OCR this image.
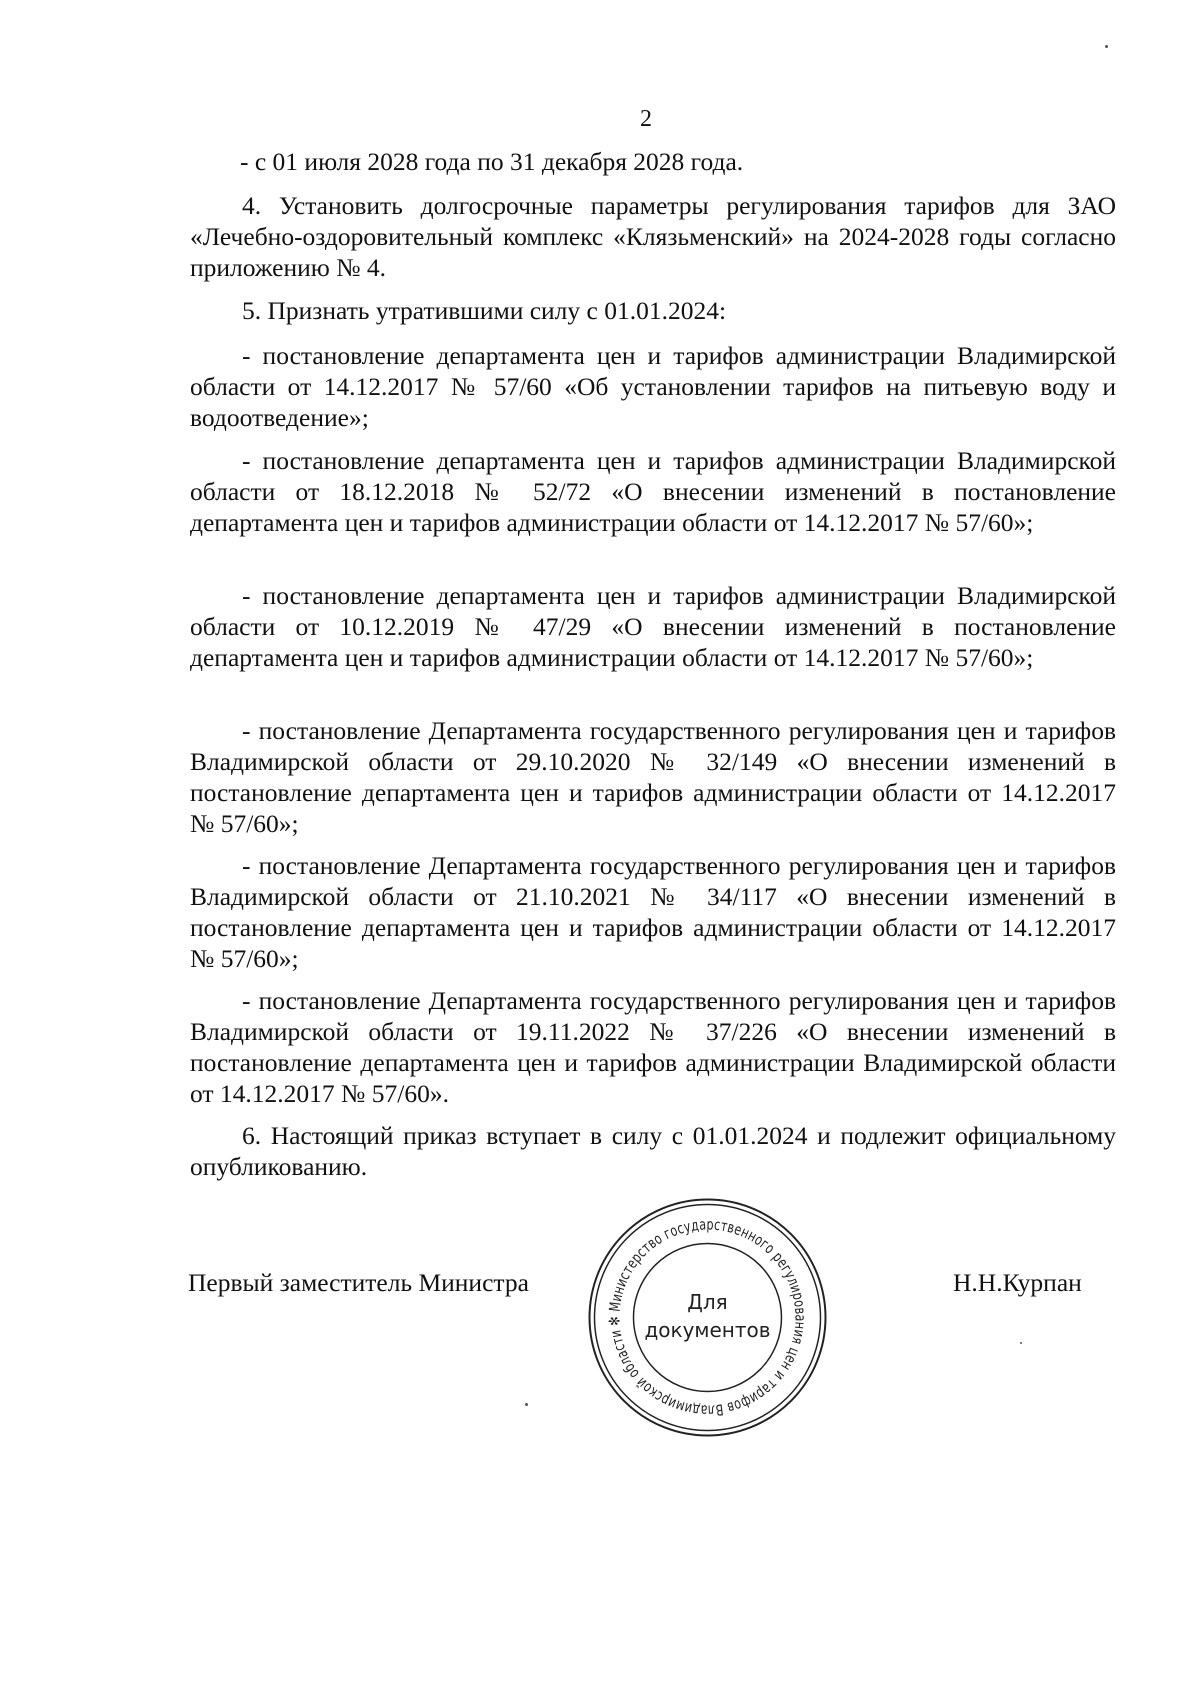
2

- с 01 июля 2028 года по 31 декабря 2028 года.

4. Установить долгосрочные параметры регулирования тарифов для ЗАО «Лечебно-оздоровительный комплекс «Клязьменский» на 2024-2028 годы согласно приложению № 4.

5. Признать утратившими силу с 01.01.2024:

- постановление департамента цен и тарифов администрации Владимирской области от 14.12.2017 № 57/60 «Об установлении тарифов на питьевую воду и водоотведение»;

- постановление департамента цен и тарифов администрации Владимирской области от 18.12.2018 № 52/72 «О внесении изменений в постановление департамента цен и тарифов администрации области от 14.12.2017 № 57/60»;

- постановление департамента цен и тарифов администрации Владимирской области от 10.12.2019 № 47/29 «О внесении изменений в постановление департамента цен и тарифов администрации области от 14.12.2017 № 57/60»;

- постановление Департамента государственного регулирования цен и тарифов Владимирской области от 29.10.2020 № 32/149 «О внесении изменений в постановление департамента цен и тарифов администрации области от 14.12.2017 № 57/60»;

- постановление Департамента государственного регулирования цен и тарифов Владимирской области от 21.10.2021 № 34/117 «О внесении изменений в постановление департамента цен и тарифов администрации области от 14.12.2017 № 57/60»;

- постановление Департамента государственного регулирования цен и тарифов Владимирской области от 19.11.2022 № 37/226 «О внесении изменений в постановление департамента цен и тарифов администрации Владимирской области от 14.12.2017 № 57/60».

6. Настоящий приказ вступает в силу с 01.01.2024 и подлежит официальному опубликованию.

Первый заместитель Министра
Министерство государственного регулирования цен и тарифов Владимирской области ✻
Для
документов
Н.Н.Курпан
